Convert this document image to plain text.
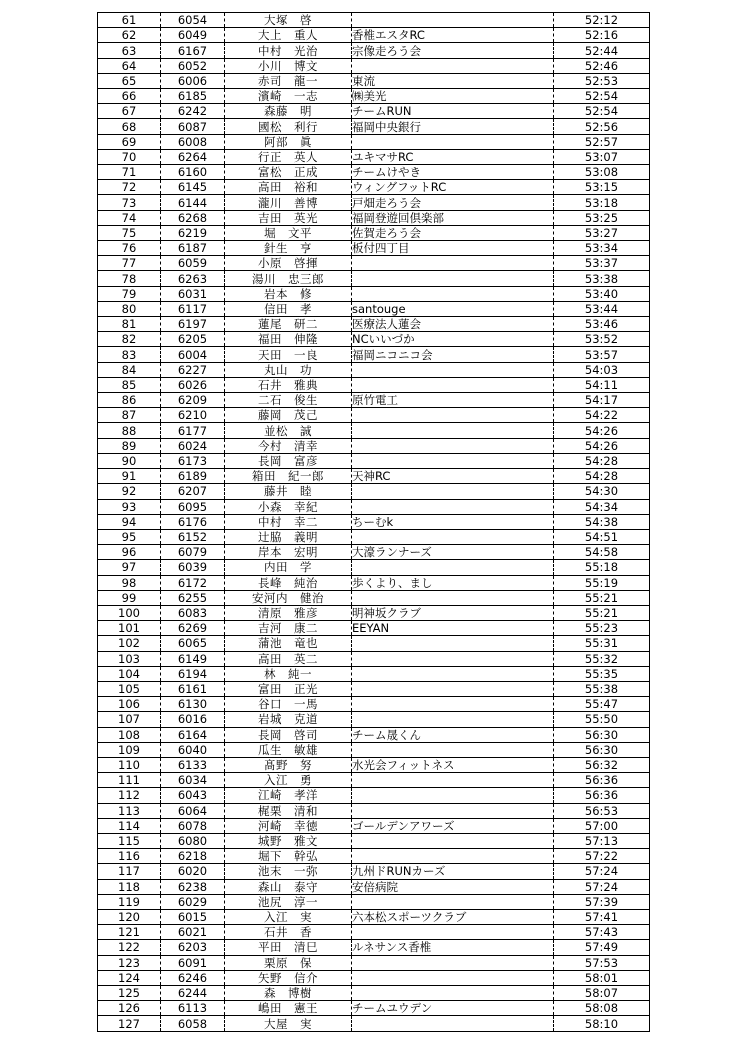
61	6054	大塚　啓		52:12
62	6049	大上　重人	香椎エスタRC	52:16
63	6167	中村　光治	宗像走ろう会	52:44
64	6052	小川　博文		52:46
65	6006	赤司　龍一	東流	52:53
66	6185	濱崎　一志	㈱美光	52:54
67	6242	森藤　明	チームRUN	52:54
68	6087	國松　利行	福岡中央銀行	52:56
69	6008	阿部　眞		52:57
70	6264	行正　英人	ユキマサRC	53:07
71	6160	富松　正成	チームけやき	53:08
72	6145	高田　裕和	ウィングフットRC	53:15
73	6144	瀧川　善博	戸畑走ろう会	53:18
74	6268	吉田　英光	福岡登遊回倶楽部	53:25
75	6219	堀　文平	佐賀走ろう会	53:27
76	6187	針生　亨	板付四丁目	53:34
77	6059	小原　啓揮		53:37
78	6263	湯川　忠三郎		53:38
79	6031	岩本　修		53:40
80	6117	信田　孝	santouge	53:44
81	6197	蓮尾　研二	医療法人蓮会	53:46
82	6205	福田　伸隆	NCいいづか	53:52
83	6004	天田　一良	福岡ニコニコ会	53:57
84	6227	丸山　功		54:03
85	6026	石井　雅典		54:11
86	6209	二石　俊生	原竹電工	54:17
87	6210	藤岡　茂己		54:22
88	6177	並松　誠		54:26
89	6024	今村　清幸		54:26
90	6173	長岡　富彦		54:28
91	6189	箱田　紀一郎	天神RC	54:28
92	6207	藤井　睦		54:30
93	6095	小森　幸紀		54:34
94	6176	中村　幸二	ちーむk	54:38
95	6152	辻脇　義明		54:51
96	6079	岸本　宏明	大濠ランナーズ	54:58
97	6039	内田　学		55:18
98	6172	長峰　純治	歩くより、まし	55:19
99	6255	安河内　健治		55:21
100	6083	清原　雅彦	明神坂クラブ	55:21
101	6269	吉河　康二	EEYAN	55:23
102	6065	蒲池　竜也		55:31
103	6149	高田　英二		55:32
104	6194	林　純一		55:35
105	6161	富田　正光		55:38
106	6130	谷口　一馬		55:47
107	6016	岩城　克道		55:50
108	6164	長岡　啓司	チーム晟くん	56:30
109	6040	瓜生　敏雄		56:30
110	6133	髙野　努	水光会フィットネス	56:32
111	6034	入江　勇		56:36
112	6043	江崎　孝洋		56:36
113	6064	梶栗　清和		56:53
114	6078	河崎　幸徳	ゴールデンアワーズ	57:00
115	6080	城野　雅文		57:13
116	6218	堀下　幹弘		57:22
117	6020	池末　一弥	九州ドRUNカーズ	57:24
118	6238	森山　泰守	安倍病院	57:24
119	6029	池尻　淳一		57:39
120	6015	入江　実	六本松スポーツクラブ	57:41
121	6021	石井　香		57:43
122	6203	平田　清巳	ルネサンス香椎	57:49
123	6091	栗原　保		57:53
124	6246	矢野　信介		58:01
125	6244	森　博樹		58:07
126	6113	嶋田　憲王	チームユウデン	58:08
127	6058	大屋　実		58:10
